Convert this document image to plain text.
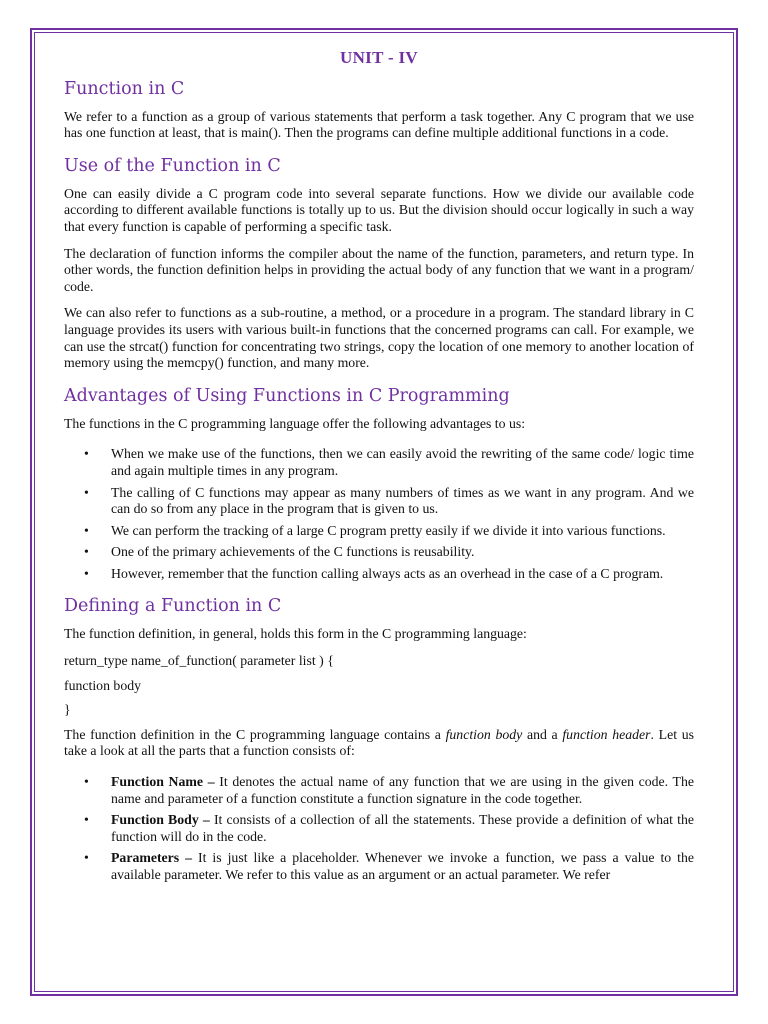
UNIT - IV
Function in C

We refer to a function as a group of various statements that perform a task together. Any C program that we use has one function at least, that is main(). Then the programs can define multiple additional functions in a code.

Use of the Function in C

One can easily divide a C program code into several separate functions. How we divide our available code according to different available functions is totally up to us. But the division should occur logically in such a way that every function is capable of performing a specific task.

The declaration of function informs the compiler about the name of the function, parameters, and return type. In other words, the function definition helps in providing the actual body of any function that we want in a program/ code.

We can also refer to functions as a sub-routine, a method, or a procedure in a program. The standard library in C language provides its users with various built-in functions that the concerned programs can call. For example, we can use the strcat() function for concentrating two strings, copy the location of one memory to another location of memory using the memcpy() function, and many more.

Advantages of Using Functions in C Programming

The functions in the C programming language offer the following advantages to us:

• When we make use of the functions, then we can easily avoid the rewriting of the same code/ logic time and again multiple times in any program.
• The calling of C functions may appear as many numbers of times as we want in any program. And we can do so from any place in the program that is given to us.
• We can perform the tracking of a large C program pretty easily if we divide it into various functions.
• One of the primary achievements of the C functions is reusability.
• However, remember that the function calling always acts as an overhead in the case of a C program.
Defining a Function in C

The function definition, in general, holds this form in the C programming language:

return_type name_of_function( parameter list ) {

function body

}

The function definition in the C programming language contains a function body and a function header. Let us take a look at all the parts that a function consists of:

• Function Name – It denotes the actual name of any function that we are using in the given code. The name and parameter of a function constitute a function signature in the code together.
• Function Body – It consists of a collection of all the statements. These provide a definition of what the function will do in the code.
• Parameters – It is just like a placeholder. Whenever we invoke a function, we pass a value to the available parameter. We refer to this value as an argument or an actual parameter. We refer
